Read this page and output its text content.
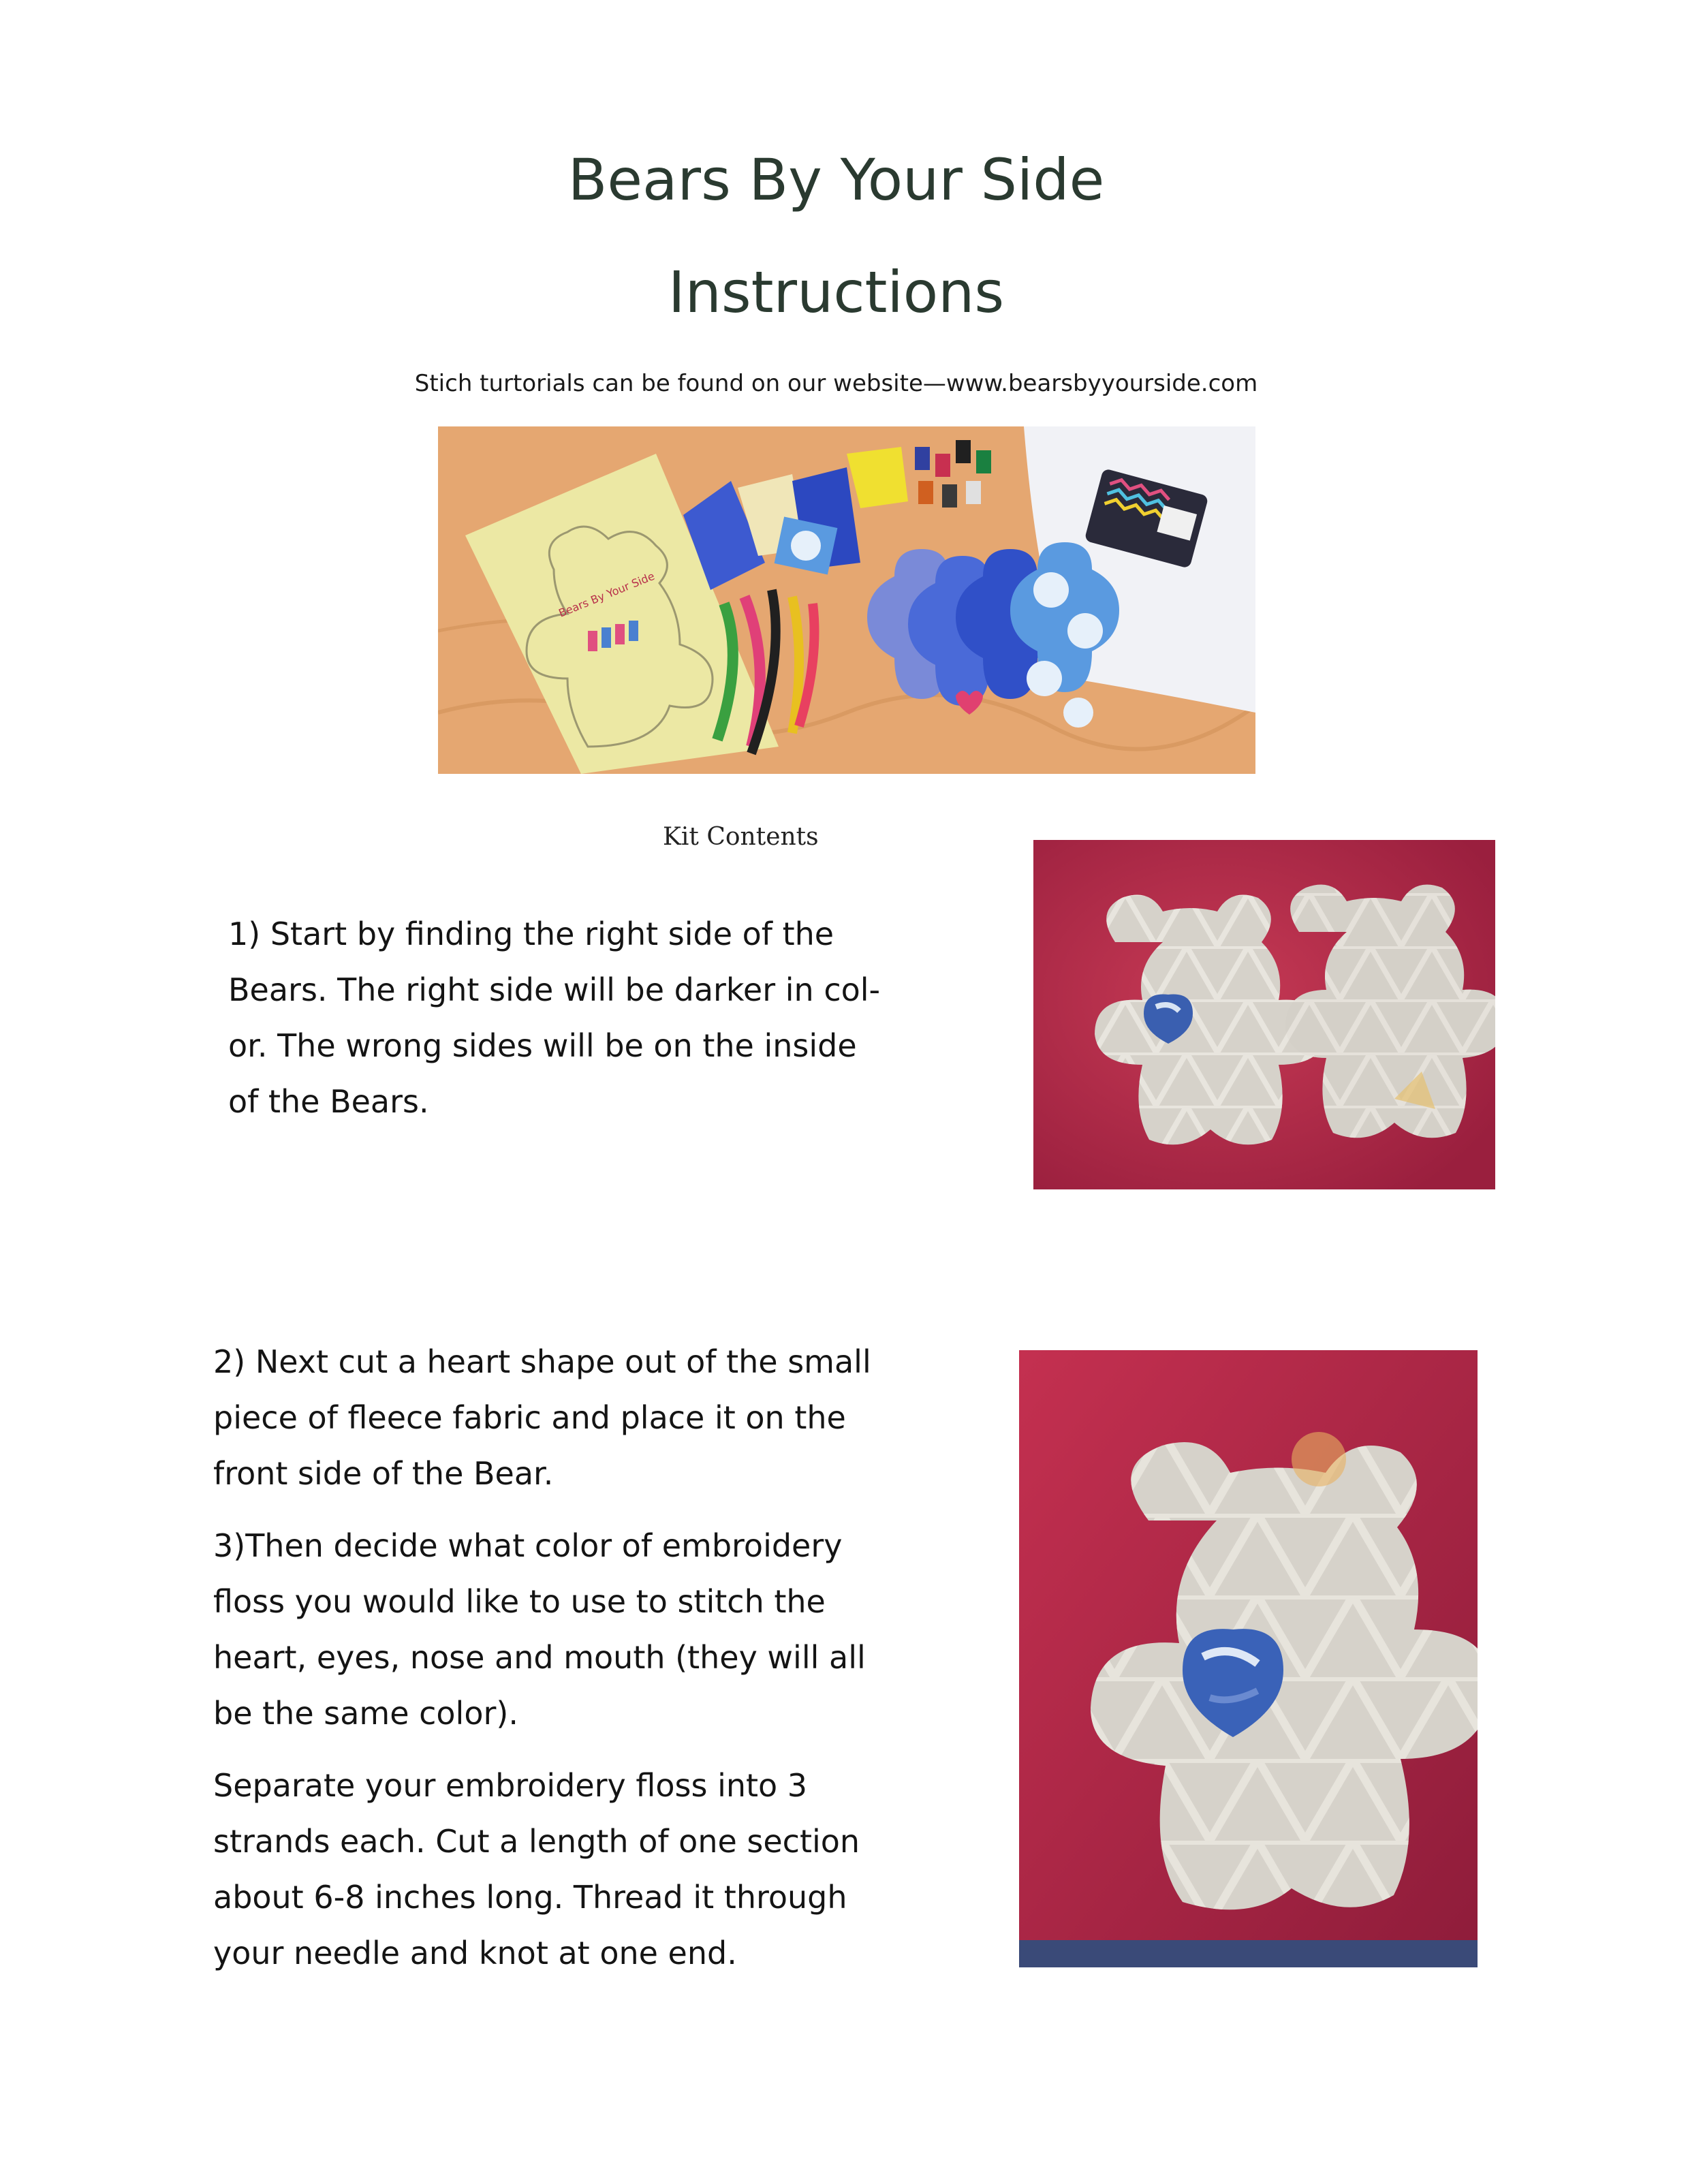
Bears By Your Side
Instructions
Stich turtorials can be found on our website—www.bearsbyyourside.com
Bears By Your Side
Kit Contents

1) Start by finding the right side of the

Bears. The right side will be darker in col-

or. The wrong sides will be on the inside

of the Bears.

2) Next cut a heart shape out of the small

piece of fleece fabric and place it on the

front side of the Bear.

3)Then decide what color of embroidery

floss you would like to use to stitch the

heart, eyes, nose and mouth (they will all

be the same color).

Separate your embroidery floss into 3

strands each. Cut a length of one section

about 6-8 inches long. Thread it through

your needle and knot at one end.
